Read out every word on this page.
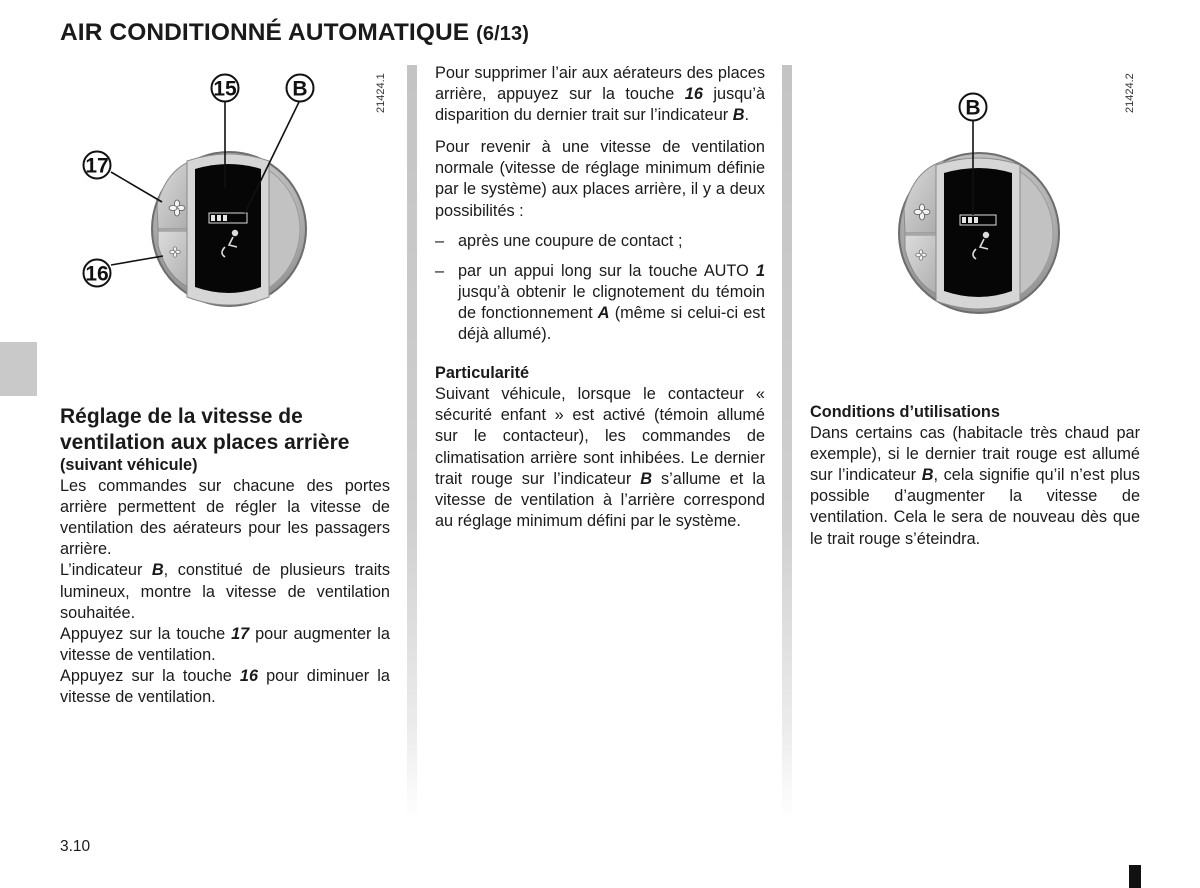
AIR CONDITIONNÉ AUTOMATIQUE (6/13)
15	B
17
16
21424.1	B	21424.2

Réglage de la vitesse de ventilation aux places arrière

(suivant véhicule)

Les commandes sur chacune des portes arrière permettent de régler la vitesse de ventilation des aérateurs pour les passagers arrière.

L’indicateur B, constitué de plusieurs traits lumineux, montre la vitesse de ventilation souhaitée.

Appuyez sur la touche 17 pour augmenter la vitesse de ventilation.

Appuyez sur la touche 16 pour diminuer la vitesse de ventilation.

Pour supprimer l’air aux aérateurs des places arrière, appuyez sur la touche 16 jusqu’à disparition du dernier trait sur l’indicateur B.

Pour revenir à une vitesse de ventilation normale (vitesse de réglage minimum définie par le système) aux places arrière, il y a deux possibilités :

– après une coupure de contact ;

– par un appui long sur la touche AUTO 1 jusqu’à obtenir le clignotement du témoin de fonctionnement A (même si celui-ci est déjà allumé).

Particularité

Suivant véhicule, lorsque le contacteur « sécurité enfant » est activé (témoin allumé sur le contacteur), les commandes de climatisation arrière sont inhibées. Le dernier trait rouge sur l’indicateur B s’allume et la vitesse de ventilation à l’arrière correspond au réglage minimum défini par le système.

Conditions d’utilisations

Dans certains cas (habitacle très chaud par exemple), si le dernier trait rouge est allumé sur l’indicateur B, cela signifie qu’il n’est plus possible d’augmenter la vitesse de ventilation. Cela le sera de nouveau dès que le trait rouge s’éteindra.

3.10
